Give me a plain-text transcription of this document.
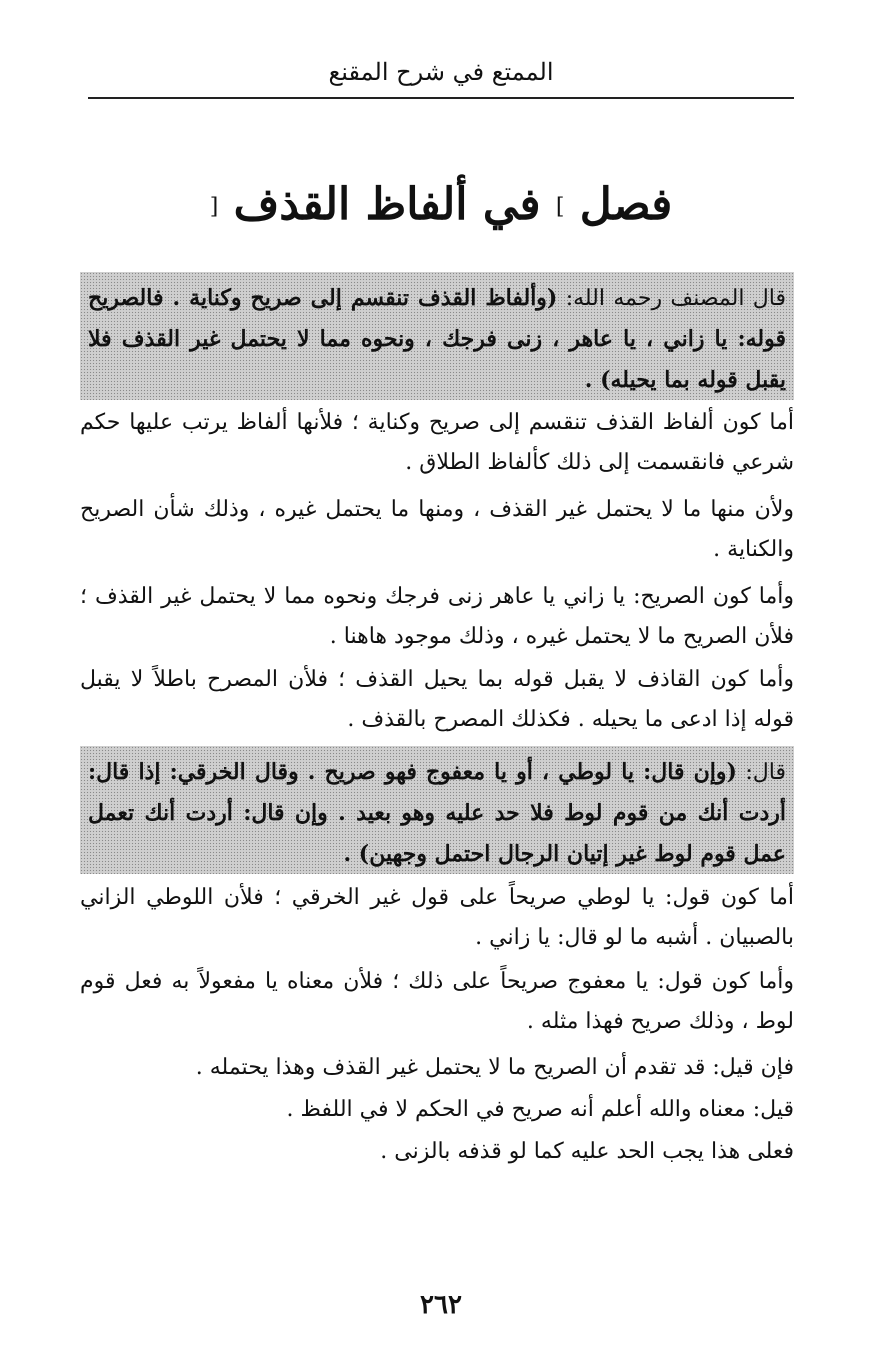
الممتع في شرح المقنع
فصل ] في ألفاظ القذف [
قال المصنف رحمه الله: (وألفاظ القذف تنقسم إلى صريح وكناية . فالصريح قوله: يا زاني ، يا عاهر ، زنى فرجك ، ونحوه مما لا يحتمل غير القذف فلا يقبل قوله بما يحيله) .

أما كون ألفاظ القذف تنقسم إلى صريح وكناية ؛ فلأنها ألفاظ يرتب عليها حكم شرعي فانقسمت إلى ذلك كألفاظ الطلاق .

ولأن منها ما لا يحتمل غير القذف ، ومنها ما يحتمل غيره ، وذلك شأن الصريح والكناية .

وأما كون الصريح: يا زاني يا عاهر زنى فرجك ونحوه مما لا يحتمل غير القذف ؛ فلأن الصريح ما لا يحتمل غيره ، وذلك موجود هاهنا .

وأما كون القاذف لا يقبل قوله بما يحيل القذف ؛ فلأن المصرح باطلاً لا يقبل قوله إذا ادعى ما يحيله . فكذلك المصرح بالقذف .

قال: (وإن قال: يا لوطي ، أو يا معفوج فهو صريح . وقال الخرقي: إذا قال: أردت أنك من قوم لوط فلا حد عليه وهو بعيد . وإن قال: أردت أنك تعمل عمل قوم لوط غير إتيان الرجال احتمل وجهين) .

أما كون قول: يا لوطي صريحاً على قول غير الخرقي ؛ فلأن اللوطي الزاني بالصبيان . أشبه ما لو قال: يا زاني .

وأما كون قول: يا معفوج صريحاً على ذلك ؛ فلأن معناه يا مفعولاً به فعل قوم لوط ، وذلك صريح فهذا مثله .

فإن قيل: قد تقدم أن الصريح ما لا يحتمل غير القذف وهذا يحتمله .

قيل: معناه والله أعلم أنه صريح في الحكم لا في اللفظ .

فعلى هذا يجب الحد عليه كما لو قذفه بالزنى .

٢٦٢
